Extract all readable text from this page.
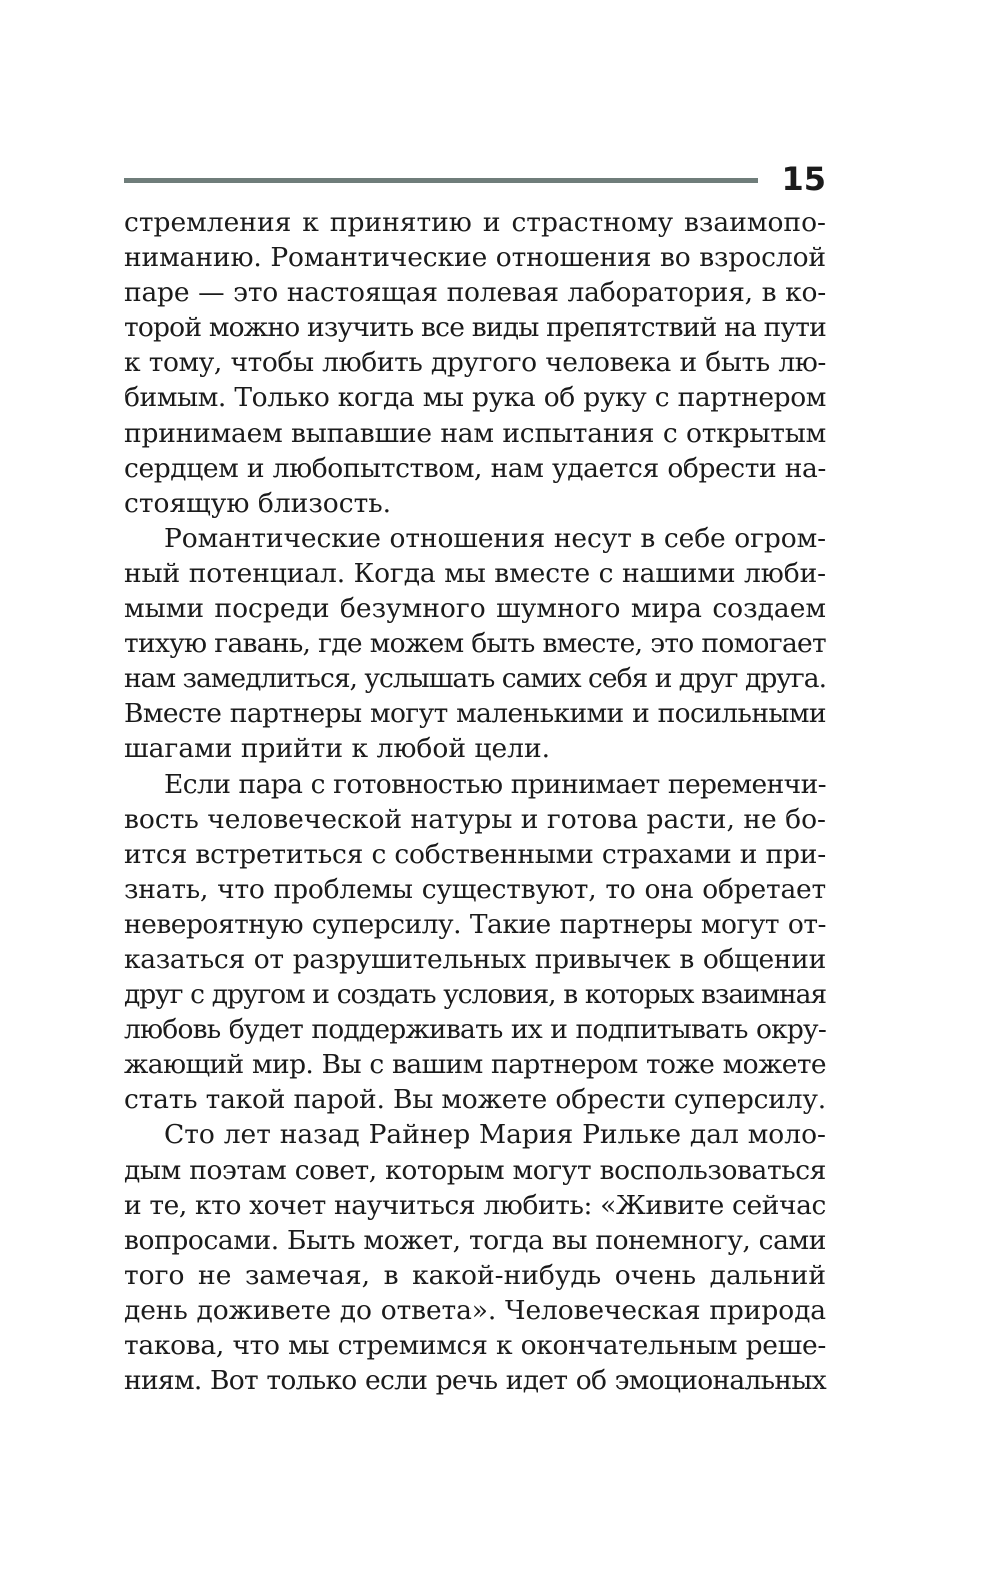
15

стремления к принятию и страстному взаимопо-
ниманию. Романтические отношения во взрослой
паре — это настоящая полевая лаборатория, в ко-
торой можно изучить все виды препятствий на пути
к тому, чтобы любить другого человека и быть лю-
бимым. Только когда мы рука об руку с партнером
принимаем выпавшие нам испытания с открытым
сердцем и любопытством, нам удается обрести на-
стоящую близость.

Романтические отношения несут в себе огром-
ный потенциал. Когда мы вместе с нашими люби-
мыми посреди безумного шумного мира создаем
тихую гавань, где можем быть вместе, это помогает
нам замедлиться, услышать самих себя и друг друга.
Вместе партнеры могут маленькими и посильными
шагами прийти к любой цели.

Если пара с готовностью принимает переменчи-
вость человеческой натуры и готова расти, не бо-
ится встретиться с собственными страхами и при-
знать, что проблемы существуют, то она обретает
невероятную суперсилу. Такие партнеры могут от-
казаться от разрушительных привычек в общении
друг с другом и создать условия, в которых взаимная
любовь будет поддерживать их и подпитывать окру-
жающий мир. Вы с вашим партнером тоже можете
стать такой парой. Вы можете обрести суперсилу.

Сто лет назад Райнер Мария Рильке дал моло-
дым поэтам совет, которым могут воспользоваться
и те, кто хочет научиться любить: «Живите сейчас
вопросами. Быть может, тогда вы понемногу, сами
того не замечая, в какой-нибудь очень дальний
день доживете до ответа». Человеческая природа
такова, что мы стремимся к окончательным реше-
ниям. Вот только если речь идет об эмоциональных
